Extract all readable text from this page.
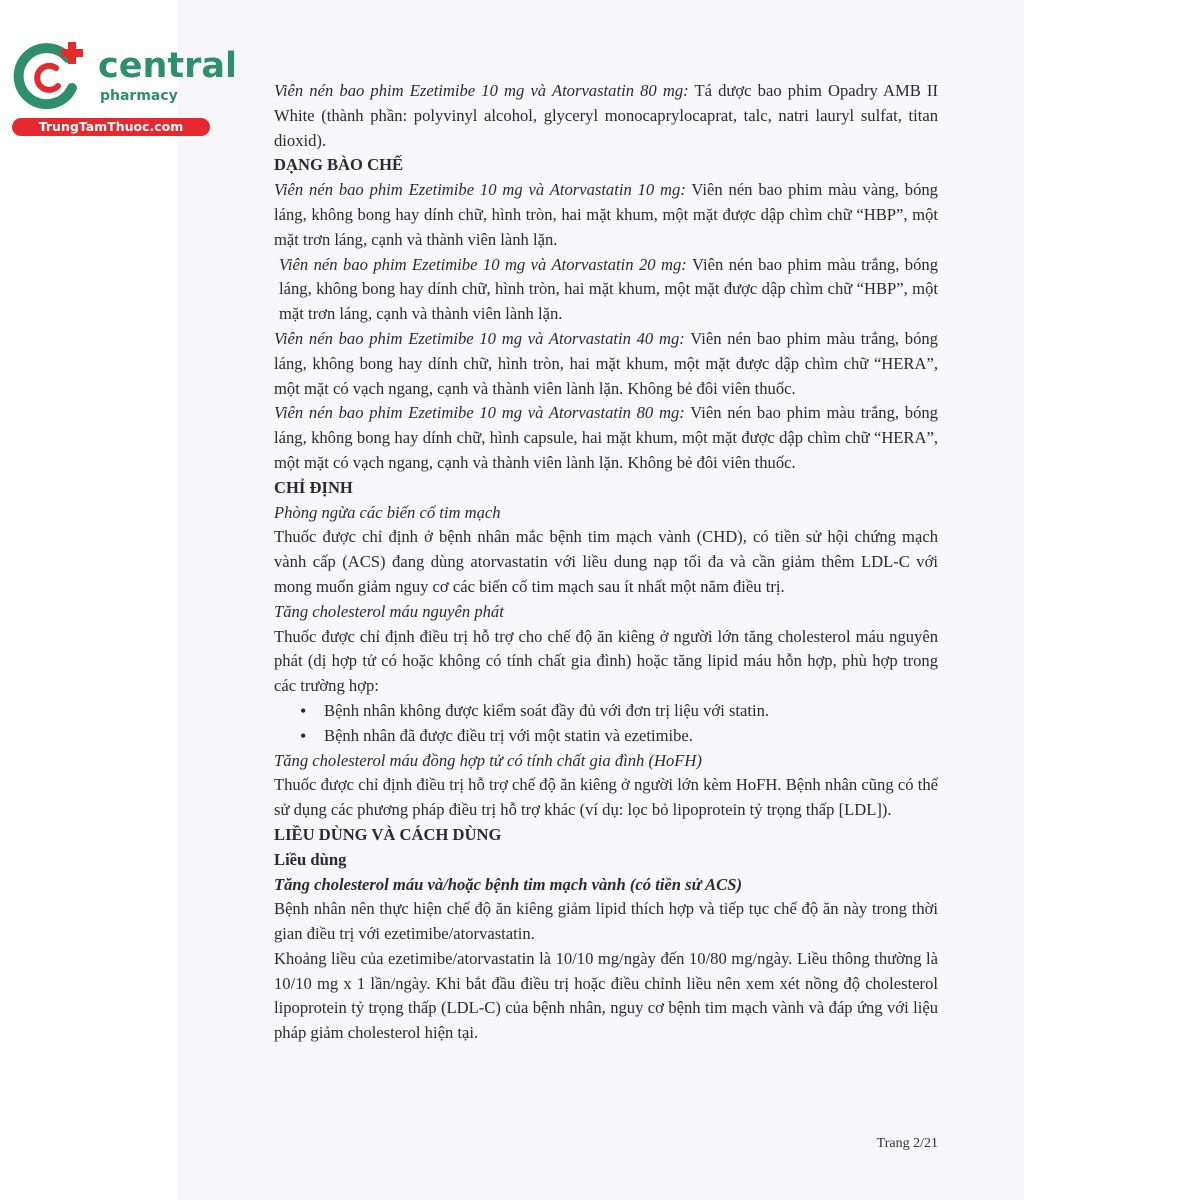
central
pharmacy
TrungTamThuoc.com

Viên nén bao phim Ezetimibe 10 mg và Atorvastatin 80 mg: Tá dược bao phim Opadry AMB II White (thành phần: polyvinyl alcohol, glyceryl monocaprylocaprat, talc, natri lauryl sulfat, titan dioxid).

DẠNG BÀO CHẾ

Viên nén bao phim Ezetimibe 10 mg và Atorvastatin 10 mg: Viên nén bao phim màu vàng, bóng láng, không bong hay dính chữ, hình tròn, hai mặt khum, một mặt được dập chìm chữ “HBP”, một mặt trơn láng, cạnh và thành viên lành lặn.

Viên nén bao phim Ezetimibe 10 mg và Atorvastatin 20 mg: Viên nén bao phim màu trắng, bóng láng, không bong hay dính chữ, hình tròn, hai mặt khum, một mặt được dập chìm chữ “HBP”, một mặt trơn láng, cạnh và thành viên lành lặn.

Viên nén bao phim Ezetimibe 10 mg và Atorvastatin 40 mg: Viên nén bao phim màu trắng, bóng láng, không bong hay dính chữ, hình tròn, hai mặt khum, một mặt được dập chìm chữ “HERA”, một mặt có vạch ngang, cạnh và thành viên lành lặn. Không bẻ đôi viên thuốc.

Viên nén bao phim Ezetimibe 10 mg và Atorvastatin 80 mg: Viên nén bao phim màu trắng, bóng láng, không bong hay dính chữ, hình capsule, hai mặt khum, một mặt được dập chìm chữ “HERA”, một mặt có vạch ngang, cạnh và thành viên lành lặn. Không bẻ đôi viên thuốc.

CHỈ ĐỊNH

Phòng ngừa các biến cố tim mạch

Thuốc được chỉ định ở bệnh nhân mắc bệnh tim mạch vành (CHD), có tiền sử hội chứng mạch vành cấp (ACS) đang dùng atorvastatin với liều dung nạp tối đa và cần giảm thêm LDL-C với mong muốn giảm nguy cơ các biến cố tim mạch sau ít nhất một năm điều trị.

Tăng cholesterol máu nguyên phát

Thuốc được chỉ định điều trị hỗ trợ cho chế độ ăn kiêng ở người lớn tăng cholesterol máu nguyên phát (dị hợp tử có hoặc không có tính chất gia đình) hoặc tăng lipid máu hỗn hợp, phù hợp trong các trường hợp:

• Bệnh nhân không được kiểm soát đầy đủ với đơn trị liệu với statin.
• Bệnh nhân đã được điều trị với một statin và ezetimibe.

Tăng cholesterol máu đồng hợp tử có tính chất gia đình (HoFH)

Thuốc được chỉ định điều trị hỗ trợ chế độ ăn kiêng ở người lớn kèm HoFH. Bệnh nhân cũng có thể sử dụng các phương pháp điều trị hỗ trợ khác (ví dụ: lọc bỏ lipoprotein tỷ trọng thấp [LDL]).

LIỀU DÙNG VÀ CÁCH DÙNG

Liều dùng

Tăng cholesterol máu và/hoặc bệnh tim mạch vành (có tiền sử ACS)

Bệnh nhân nên thực hiện chế độ ăn kiêng giảm lipid thích hợp và tiếp tục chế độ ăn này trong thời gian điều trị với ezetimibe/atorvastatin.

Khoảng liều của ezetimibe/atorvastatin là 10/10 mg/ngày đến 10/80 mg/ngày. Liều thông thường là 10/10 mg x 1 lần/ngày. Khi bắt đầu điều trị hoặc điều chỉnh liều nên xem xét nồng độ cholesterol lipoprotein tỷ trọng thấp (LDL-C) của bệnh nhân, nguy cơ bệnh tim mạch vành và đáp ứng với liệu pháp giảm cholesterol hiện tại.

Trang 2/21
